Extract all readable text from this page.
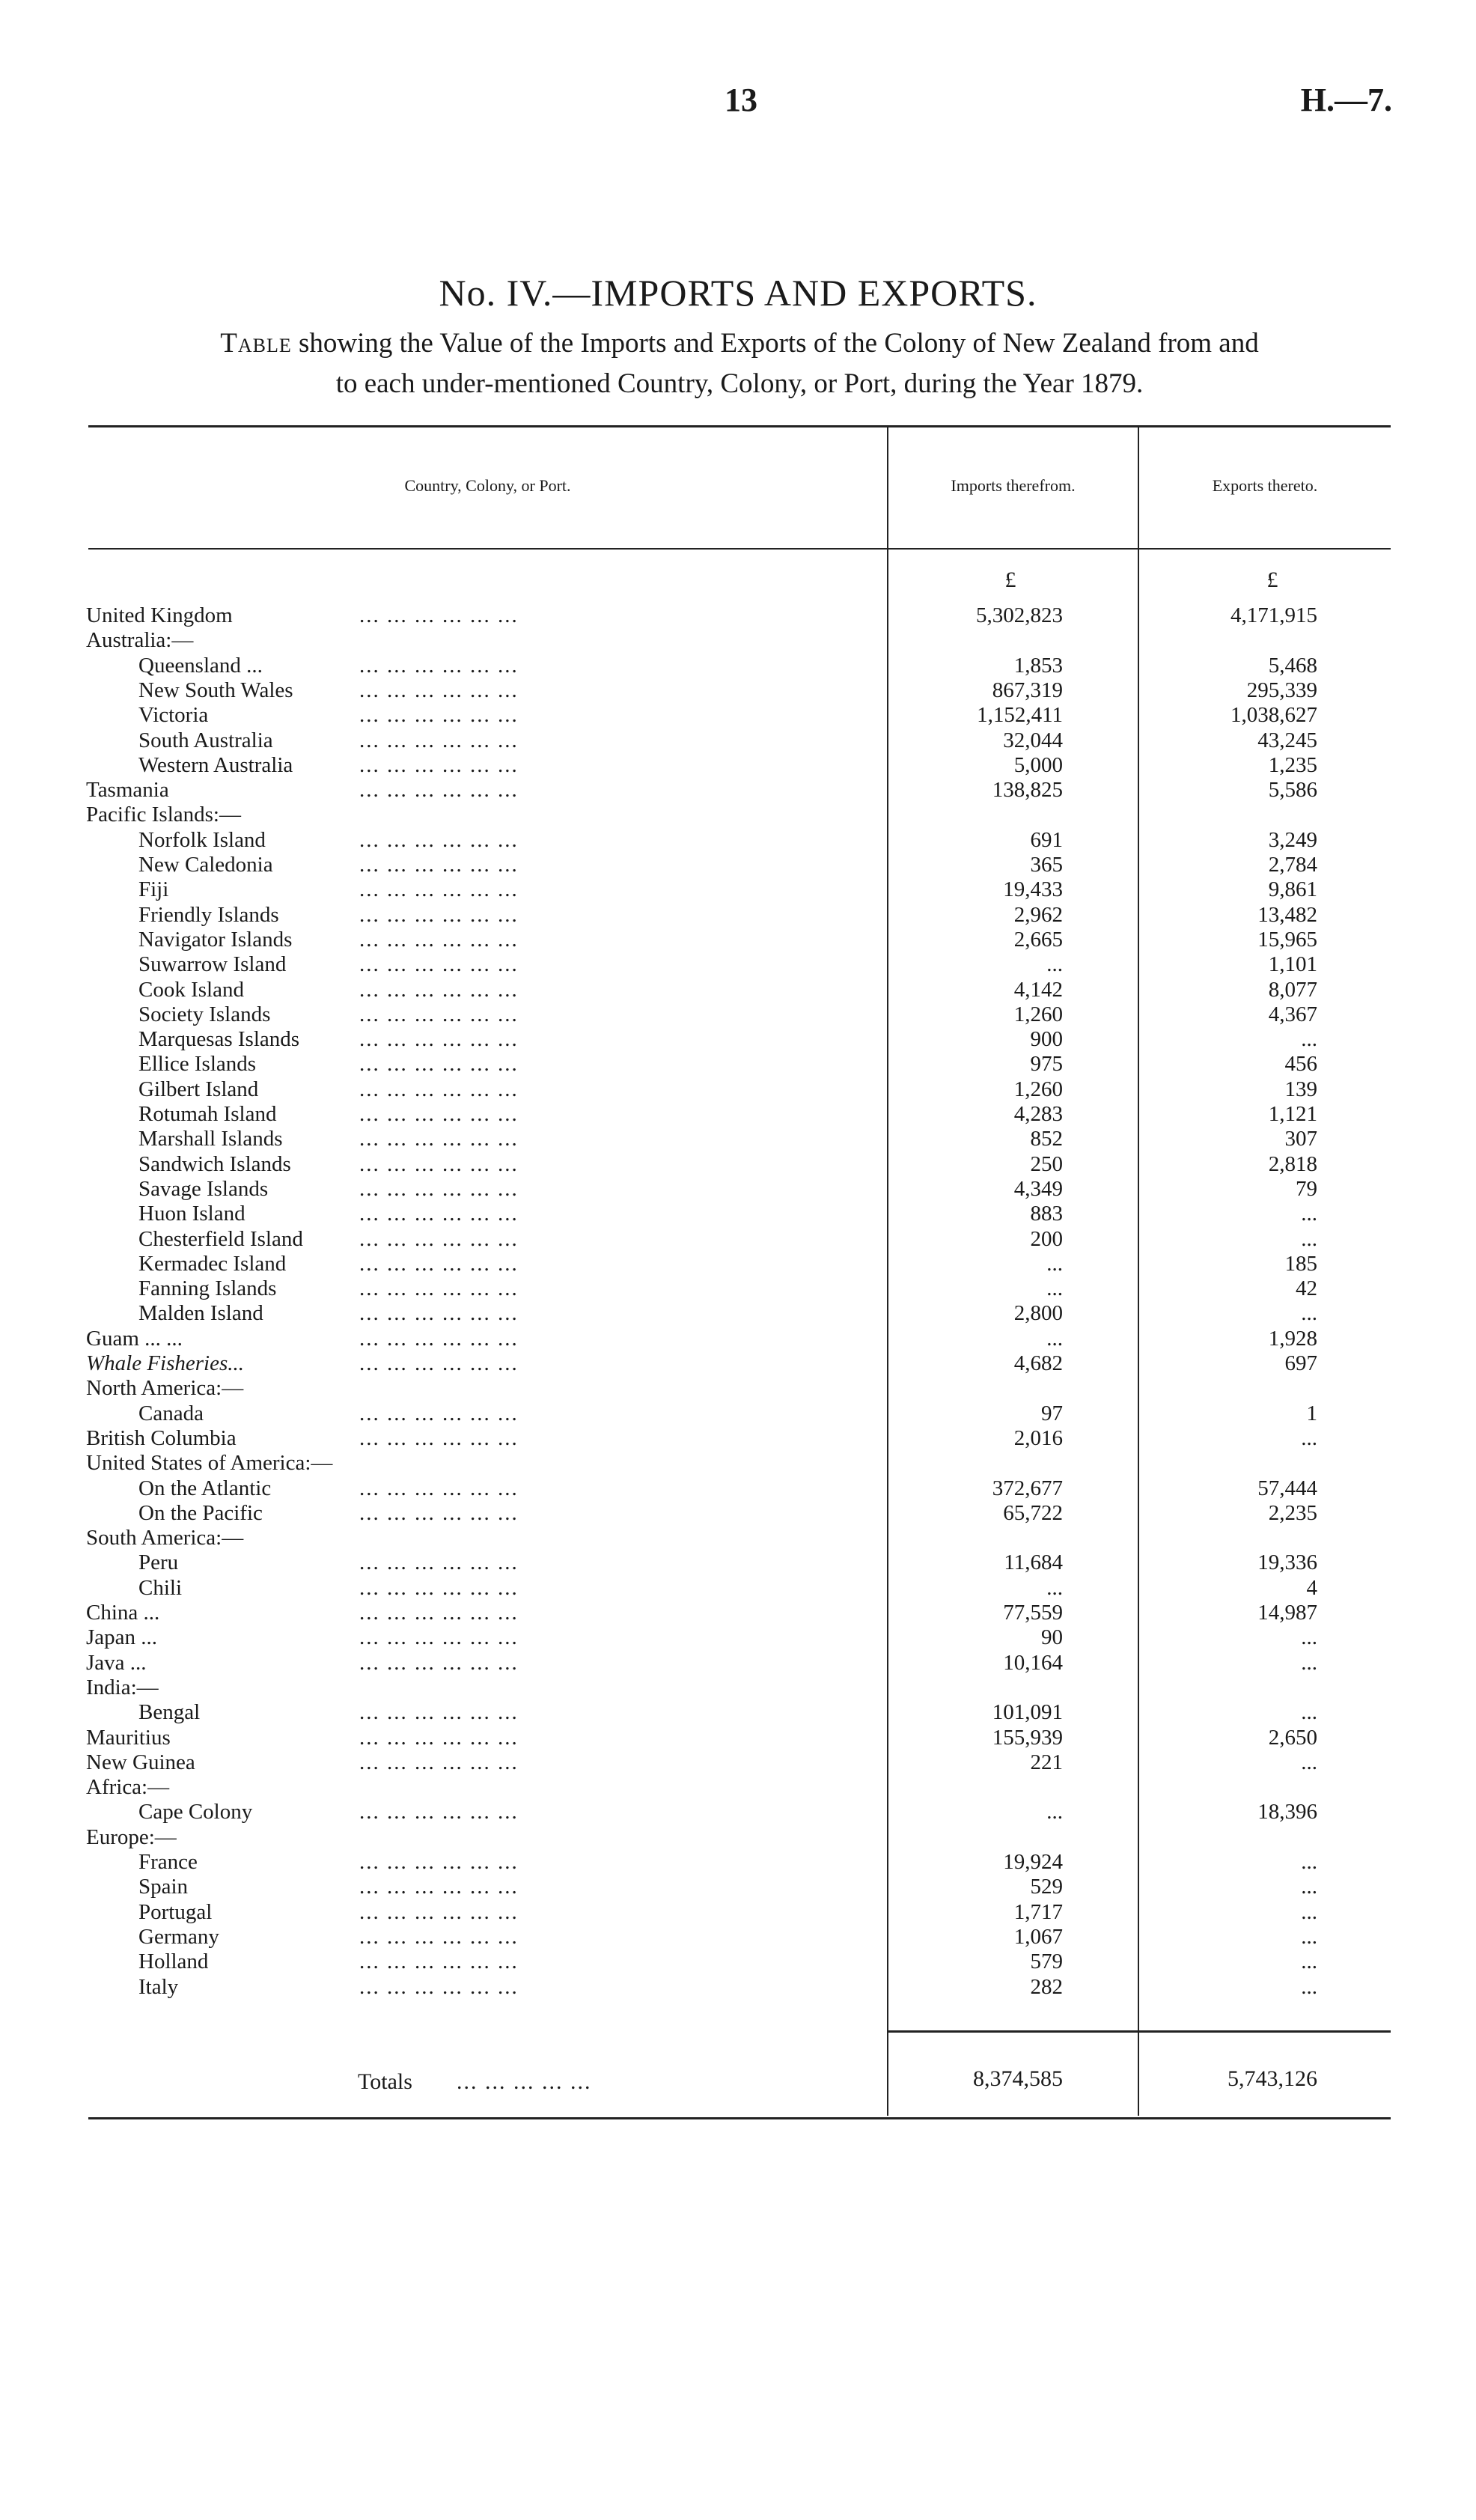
13	H.—7.
No. IV.—IMPORTS AND EXPORTS.
Table showing the Value of the Imports and Exports of the Colony of New Zealand from and
to each under-mentioned Country, Colony, or Port, during the Year 1879.
Country, Colony, or Port.	Imports therefrom.	Exports thereto.
£	£
United Kingdom	... ... ... ... ... ...	5,302,823	4,171,915
Australia:—
Queensland ...	... ... ... ... ... ...	1,853	5,468
New South Wales	... ... ... ... ... ...	867,319	295,339
Victoria	... ... ... ... ... ...	1,152,411	1,038,627
South Australia	... ... ... ... ... ...	32,044	43,245
Western Australia	... ... ... ... ... ...	5,000	1,235
Tasmania	... ... ... ... ... ...	138,825	5,586
Pacific Islands:—
Norfolk Island	... ... ... ... ... ...	691	3,249
New Caledonia	... ... ... ... ... ...	365	2,784
Fiji	... ... ... ... ... ...	19,433	9,861
Friendly Islands	... ... ... ... ... ...	2,962	13,482
Navigator Islands	... ... ... ... ... ...	2,665	15,965
Suwarrow Island	... ... ... ... ... ...	...	1,101
Cook Island	... ... ... ... ... ...	4,142	8,077
Society Islands	... ... ... ... ... ...	1,260	4,367
Marquesas Islands	... ... ... ... ... ...	900	...
Ellice Islands	... ... ... ... ... ...	975	456
Gilbert Island	... ... ... ... ... ...	1,260	139
Rotumah Island	... ... ... ... ... ...	4,283	1,121
Marshall Islands	... ... ... ... ... ...	852	307
Sandwich Islands	... ... ... ... ... ...	250	2,818
Savage Islands	... ... ... ... ... ...	4,349	79
Huon Island	... ... ... ... ... ...	883	...
Chesterfield Island	... ... ... ... ... ...	200	...
Kermadec Island	... ... ... ... ... ...	...	185
Fanning Islands	... ... ... ... ... ...	...	42
Malden Island	... ... ... ... ... ...	2,800	...
Guam ... ...	... ... ... ... ... ...	...	1,928
Whale Fisheries...	... ... ... ... ... ...	4,682	697
North America:—
Canada	... ... ... ... ... ...	97	1
British Columbia	... ... ... ... ... ...	2,016	...
United States of America:—
On the Atlantic	... ... ... ... ... ...	372,677	57,444
On the Pacific	... ... ... ... ... ...	65,722	2,235
South America:—
Peru	... ... ... ... ... ...	11,684	19,336
Chili	... ... ... ... ... ...	...	4
China ...	... ... ... ... ... ...	77,559	14,987
Japan ...	... ... ... ... ... ...	90	...
Java ...	... ... ... ... ... ...	10,164	...
India:—
Bengal	... ... ... ... ... ...	101,091	...
Mauritius	... ... ... ... ... ...	155,939	2,650
New Guinea	... ... ... ... ... ...	221	...
Africa:—
Cape Colony	... ... ... ... ... ...	...	18,396
Europe:—
France	... ... ... ... ... ...	19,924	...
Spain	... ... ... ... ... ...	529	...
Portugal	... ... ... ... ... ...	1,717	...
Germany	... ... ... ... ... ...	1,067	...
Holland	... ... ... ... ... ...	579	...
Italy	... ... ... ... ... ...	282	...
Totals ... ... ... ... ...	8,374,585	5,743,126
